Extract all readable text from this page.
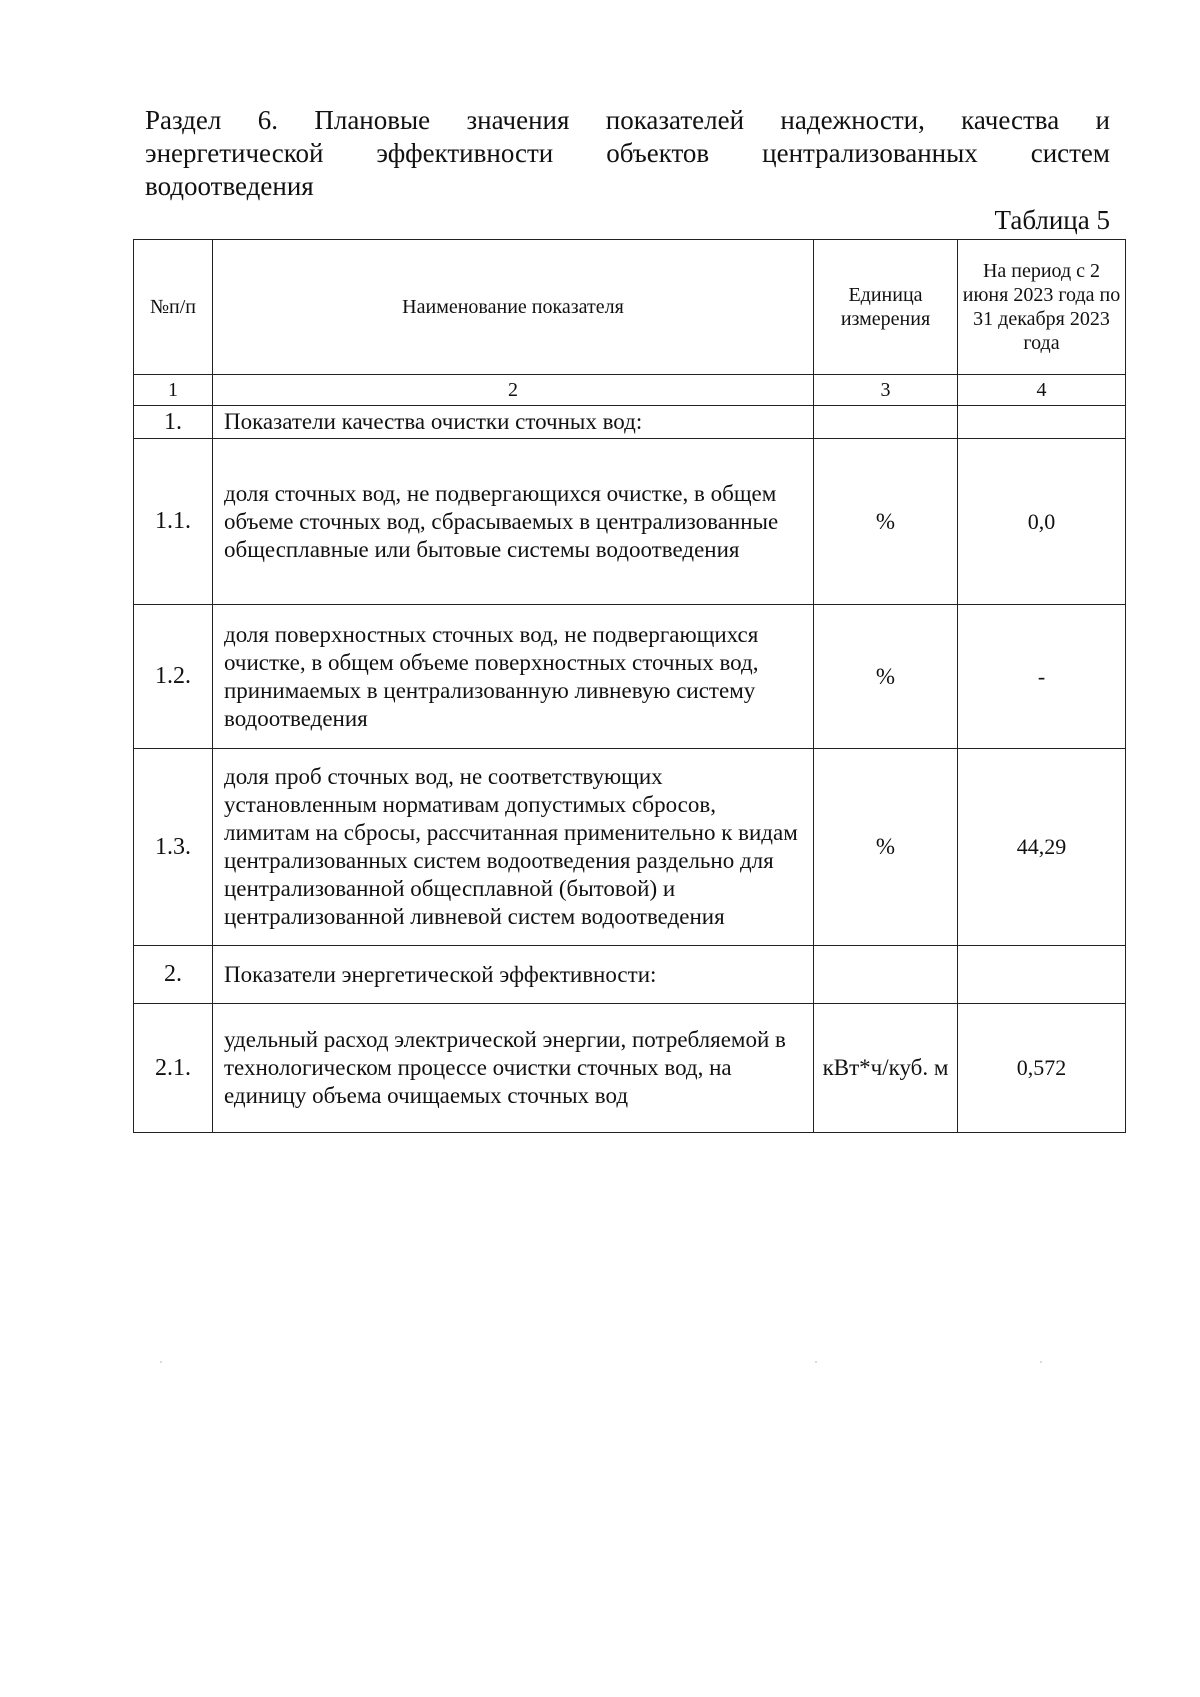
Раздел 6. Плановые значения показателей надежности, качества и энергетической эффективности объектов централизованных систем водоотведения
Таблица 5
№п/п	Наименование показателя	Единица измерения	На период с 2 июня 2023 года по 31 декабря 2023 года
1	2	3	4
1.	Показатели качества очистки сточных вод:		
1.1.	доля сточных вод, не подвергающихся очистке, в общем объеме сточных вод, сбрасываемых в централизованные общесплавные или бытовые системы водоотведения	%	0,0
1.2.	доля поверхностных сточных вод, не подвергающихся очистке, в общем объеме поверхностных сточных вод, принимаемых в централизованную ливневую систему водоотведения	%	-
1.3.	доля проб сточных вод, не соответствующих установленным нормативам допустимых сбросов, лимитам на сбросы, рассчитанная применительно к видам централизованных систем водоотведения раздельно для централизованной общесплавной (бытовой) и централизованной ливневой систем водоотведения	%	44,29
2.	Показатели энергетической эффективности:		
2.1.	удельный расход электрической энергии, потребляемой в технологическом процессе очистки сточных вод, на единицу объема очищаемых сточных вод	кВт*ч/куб. м	0,572
